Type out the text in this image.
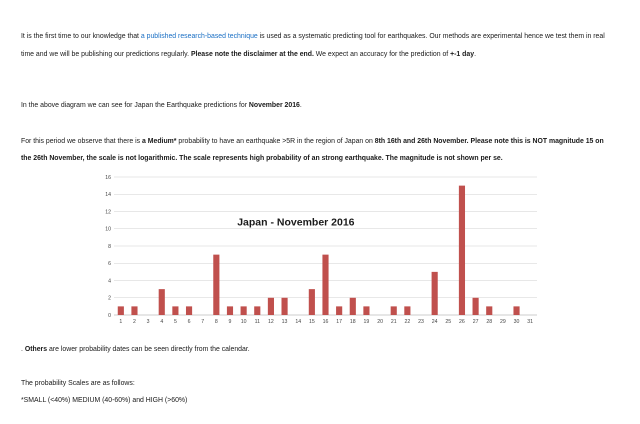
It is the first time to our knowledge that a published research-based technique is used as a systematic predicting tool for earthquakes. Our methods are experimental hence we test them in real

time and we will be publishing our predictions regularly. Please note the disclaimer at the end. We expect an accuracy for the prediction of +-1 day.

In the above diagram we can see for Japan the Earthquake predictions for November 2016.

For this period we observe that there is a Medium* probability to have an earthquake >5R in the region of Japan on 8th 16th and 26th November. Please note this is NOT magnitude 15 on

the 26th November, the scale is not logarithmic. The scale represents high probability of an strong earthquake. The magnitude is not shown per se.

0
2
4
6
8
10
12
14
16
1 2 3 4 5 6 7 8 9 10 11 12 13 14 15 16 17 18 19 20 21 22 23 24 25 26 27 28 29 30 31
Japan - November 2016

. Others are lower probability dates can be seen directly from the calendar.

The probability Scales are as follows:

*SMALL (<40%) MEDIUM (40-60%) and HIGH (>60%)
